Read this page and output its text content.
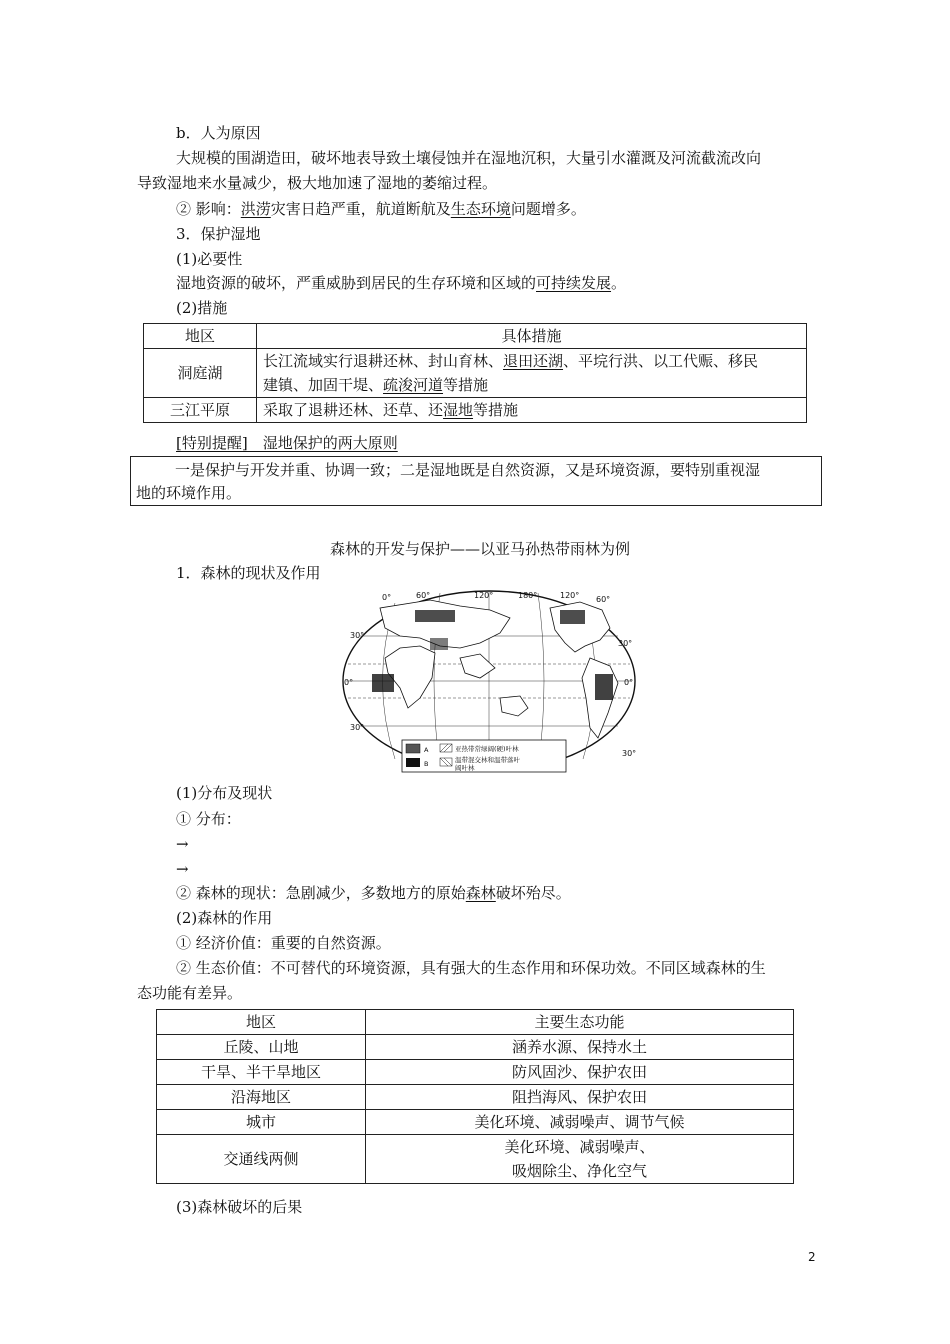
b．人为原因
大规模的围湖造田，破坏地表导致土壤侵蚀并在湿地沉积，大量引水灌溉及河流截流改向
导致湿地来水量减少，极大地加速了湿地的萎缩过程。
② 影响：洪涝灾害日趋严重，航道断航及生态环境问题增多。
3．保护湿地
(1)必要性
湿地资源的破坏，严重威胁到居民的生存环境和区域的可持续发展。
(2)措施
地区	具体措施
洞庭湖	长江流域实行退耕还林、封山育林、退田还湖、平垸行洪、以工代赈、移民
建镇、加固干堤、疏浚河道等措施

三江平原	采取了退耕还林、还草、还湿地等措施
[特别提醒]　湿地保护的两大原则
一是保护与开发并重、协调一致；二是湿地既是自然资源，又是环境资源，要特别重视湿
地的环境作用。
森林的开发与保护——以亚马孙热带雨林为例
1．森林的现状及作用
0°	60°	120°	180°	120° 60°
30°
0°
30°
30°
0°
30°
A
B
亚热带常绿阔(硬)叶林
温带混交林和温带落叶
阔叶林
(1)分布及现状
① 分布：
→
→
② 森林的现状：急剧减少，多数地方的原始森林破坏殆尽。
(2)森林的作用
① 经济价值：重要的自然资源。
② 生态价值：不可替代的环境资源，具有强大的生态作用和环保功效。不同区域森林的生
态功能有差异。
地区	主要生态功能
丘陵、山地	涵养水源、保持水土
干旱、半干旱地区	防风固沙、保护农田
沿海地区	阻挡海风、保护农田
城市	美化环境、减弱噪声、调节气候
交通线两侧	美化环境、减弱噪声、
吸烟除尘、净化空气
(3)森林破坏的后果
2
